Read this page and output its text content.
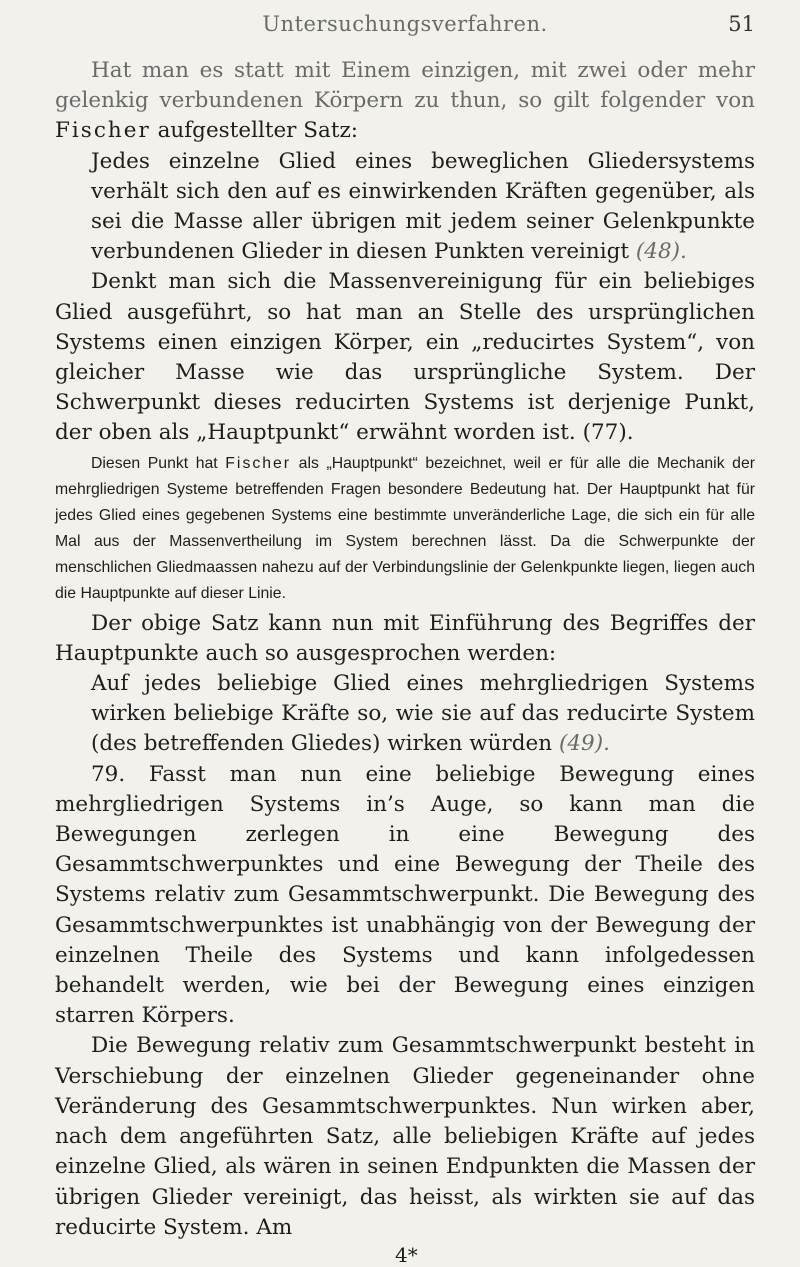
Untersuchungsverfahren.	51

Hat man es statt mit Einem einzigen, mit zwei oder mehr gelenkig verbundenen Körpern zu thun, so gilt folgender von Fischer aufgestellter Satz:

Jedes einzelne Glied eines beweglichen Gliedersystems verhält sich den auf es einwirkenden Kräften gegenüber, als sei die Masse aller übrigen mit jedem seiner Gelenkpunkte verbundenen Glieder in diesen Punkten vereinigt (48).

Denkt man sich die Massenvereinigung für ein beliebiges Glied ausgeführt, so hat man an Stelle des ursprünglichen Systems einen einzigen Körper, ein „reducirtes System“, von gleicher Masse wie das ursprüngliche System. Der Schwerpunkt dieses reducirten Systems ist derjenige Punkt, der oben als „Hauptpunkt“ erwähnt worden ist. (77).

Diesen Punkt hat Fischer als „Hauptpunkt“ bezeichnet, weil er für alle die Mechanik der mehrgliedrigen Systeme betreffenden Fragen besondere Bedeutung hat. Der Hauptpunkt hat für jedes Glied eines gegebenen Systems eine bestimmte unveränderliche Lage, die sich ein für alle Mal aus der Massenvertheilung im System berechnen lässt. Da die Schwerpunkte der menschlichen Gliedmaassen nahezu auf der Verbindungslinie der Gelenkpunkte liegen, liegen auch die Hauptpunkte auf dieser Linie.

Der obige Satz kann nun mit Einführung des Begriffes der Hauptpunkte auch so ausgesprochen werden:

Auf jedes beliebige Glied eines mehrgliedrigen Systems wirken beliebige Kräfte so, wie sie auf das reducirte System (des betreffenden Gliedes) wirken würden (49).

79. Fasst man nun eine beliebige Bewegung eines mehrgliedrigen Systems in’s Auge, so kann man die Bewegungen zerlegen in eine Bewegung des Gesammtschwerpunktes und eine Bewegung der Theile des Systems relativ zum Gesammtschwerpunkt. Die Bewegung des Gesammtschwerpunktes ist unabhängig von der Bewegung der einzelnen Theile des Systems und kann infolgedessen behandelt werden, wie bei der Bewegung eines einzigen starren Körpers.

Die Bewegung relativ zum Gesammtschwerpunkt besteht in Verschiebung der einzelnen Glieder gegeneinander ohne Veränderung des Gesammtschwerpunktes. Nun wirken aber, nach dem angeführten Satz, alle beliebigen Kräfte auf jedes einzelne Glied, als wären in seinen Endpunkten die Massen der übrigen Glieder vereinigt, das heisst, als wirkten sie auf das reducirte System. Am

4*
